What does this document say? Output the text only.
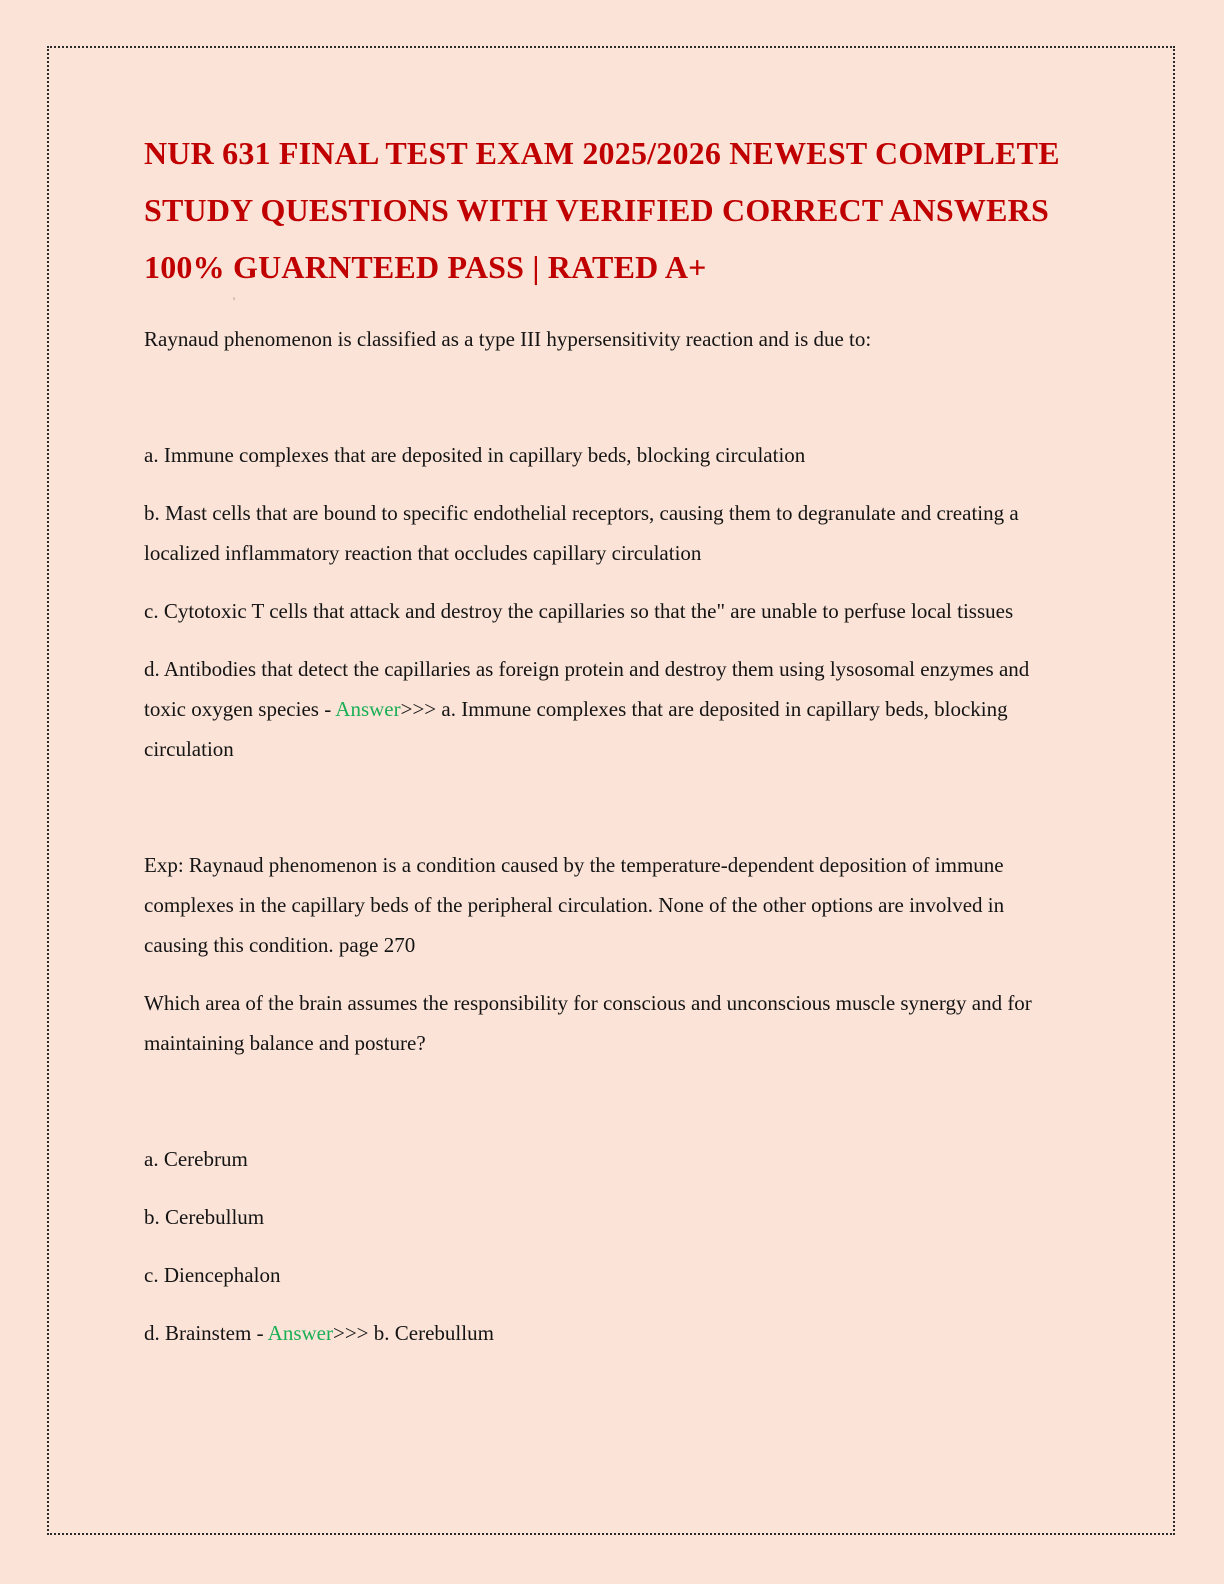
NUR 631 FINAL TEST EXAM 2025/2026 NEWEST COMPLETE
STUDY QUESTIONS WITH VERIFIED CORRECT ANSWERS
100% GUARNTEED PASS | RATED A+

Raynaud phenomenon is classified as a type III hypersensitivity reaction and is due to:

a. Immune complexes that are deposited in capillary beds, blocking circulation

b. Mast cells that are bound to specific endothelial receptors, causing them to degranulate and creating a localized inflammatory reaction that occludes capillary circulation

c. Cytotoxic T cells that attack and destroy the capillaries so that the" are unable to perfuse local tissues

d. Antibodies that detect the capillaries as foreign protein and destroy them using lysosomal enzymes and toxic oxygen species - Answer>>> a. Immune complexes that are deposited in capillary beds, blocking circulation

Exp: Raynaud phenomenon is a condition caused by the temperature-dependent deposition of immune complexes in the capillary beds of the peripheral circulation. None of the other options are involved in causing this condition. page 270

Which area of the brain assumes the responsibility for conscious and unconscious muscle synergy and for maintaining balance and posture?

a. Cerebrum

b. Cerebullum

c. Diencephalon

d. Brainstem - Answer>>> b. Cerebullum

'
